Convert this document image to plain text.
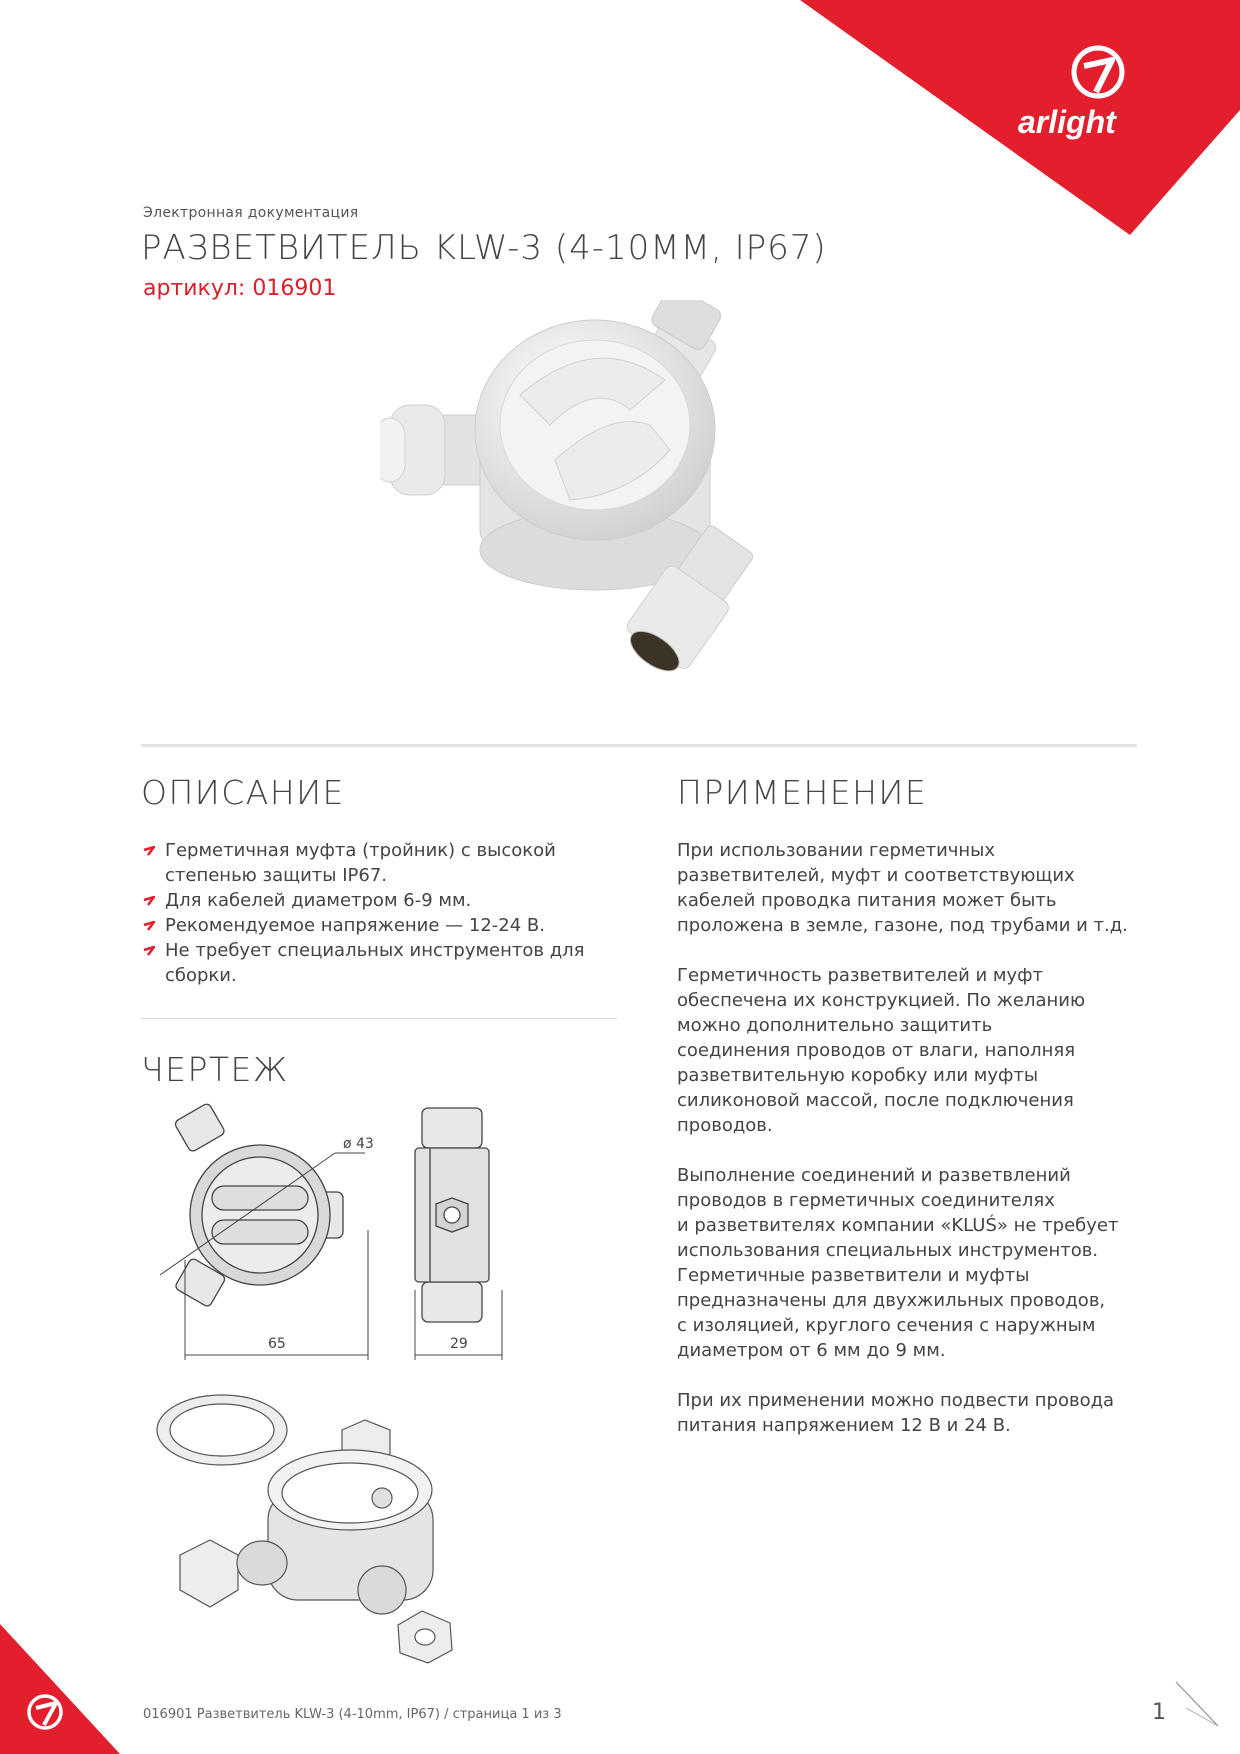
arlight
Электронная документация
РАЗВЕТВИТЕЛЬ KLW-3 (4-10MM, IP67)
артикул: 016901
ОПИСАНИЕ	ПРИМЕНЕНИЕ
Герметичная муфта (тройник) с высокой степенью защиты IP67.
Для кабелей диаметром 6-9 мм.
Рекомендуемое напряжение — 12-24 В.
Не требует специальных инструментов для сборки.
ЧЕРТЕЖ
ø 43
65	29

При использовании герметичных
разветвителей, муфт и соответствующих
кабелей проводка питания может быть
проложена в земле, газоне, под трубами и т.д.

Герметичность разветвителей и муфт
обеспечена их конструкцией. По желанию
можно дополнительно защитить
соединения проводов от влаги, наполняя
разветвительную коробку или муфты
силиконовой массой, после подключения
проводов.

Выполнение соединений и разветвлений
проводов в герметичных соединителях
и разветвителях компании «KLUŚ» не требует
использования специальных инструментов.
Герметичные разветвители и муфты
предназначены для двухжильных проводов,
с изоляцией, круглого сечения с наружным
диаметром от 6 мм до 9 мм.

При их применении можно подвести провода
питания напряжением 12 В и 24 В.

016901 Разветвитель KLW-3 (4-10mm, IP67) / страница 1 из 3	1
